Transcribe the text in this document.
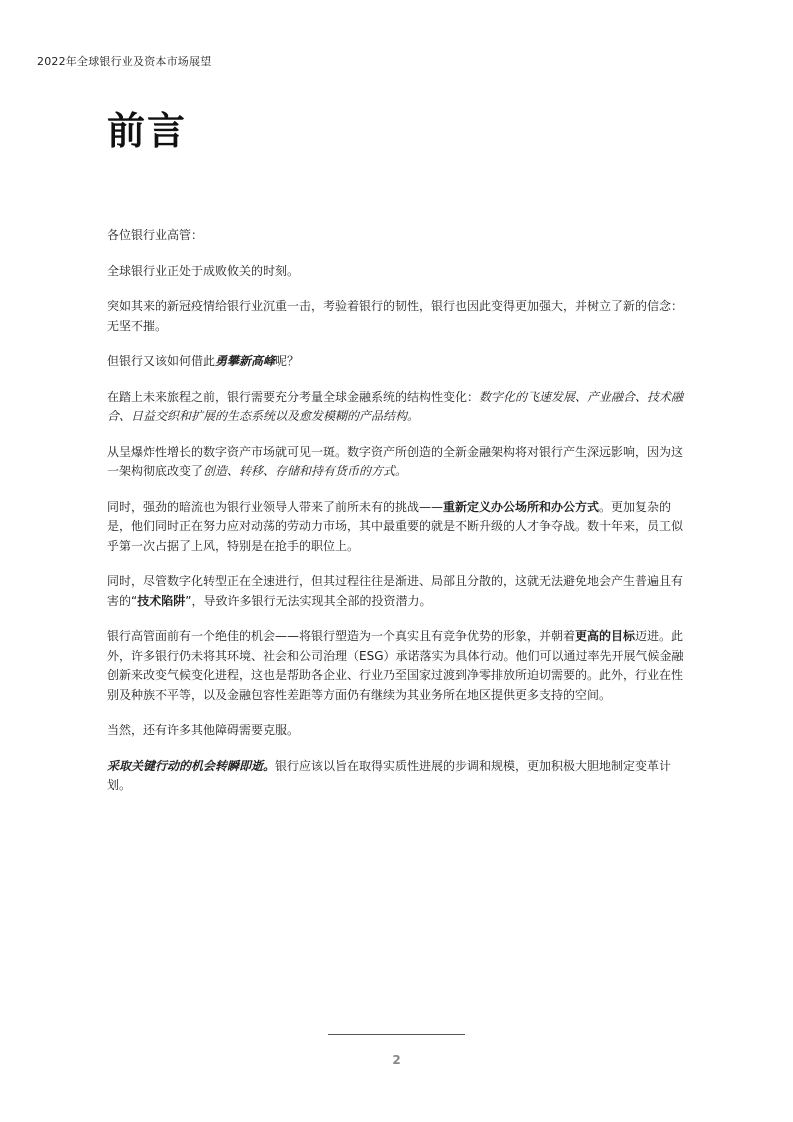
2022年全球银行业及资本市场展望
前言

各位银行业高管：

全球银行业正处于成败攸关的时刻。

突如其来的新冠疫情给银行业沉重一击，考验着银行的韧性，银行也因此变得更加强大，并树立了新的信念：无坚不摧。

但银行又该如何借此勇攀新高峰呢？

在踏上未来旅程之前，银行需要充分考量全球金融系统的结构性变化：数字化的飞速发展、产业融合、技术融合、日益交织和扩展的生态系统以及愈发模糊的产品结构。

从呈爆炸性增长的数字资产市场就可见一斑。数字资产所创造的全新金融架构将对银行产生深远影响，因为这一架构彻底改变了创造、转移、存储和持有货币的方式。

同时，强劲的暗流也为银行业领导人带来了前所未有的挑战——重新定义办公场所和办公方式。更加复杂的是，他们同时正在努力应对动荡的劳动力市场，其中最重要的就是不断升级的人才争夺战。数十年来，员工似乎第一次占据了上风，特别是在抢手的职位上。

同时，尽管数字化转型正在全速进行，但其过程往往是渐进、局部且分散的，这就无法避免地会产生普遍且有害的“技术陷阱”，导致许多银行无法实现其全部的投资潜力。

银行高管面前有一个绝佳的机会——将银行塑造为一个真实且有竞争优势的形象，并朝着更高的目标迈进。此外，许多银行仍未将其环境、社会和公司治理（ESG）承诺落实为具体行动。他们可以通过率先开展气候金融创新来改变气候变化进程，这也是帮助各企业、行业乃至国家过渡到净零排放所迫切需要的。此外，行业在性别及种族不平等，以及金融包容性差距等方面仍有继续为其业务所在地区提供更多支持的空间。

当然，还有许多其他障碍需要克服。

采取关键行动的机会转瞬即逝。银行应该以旨在取得实质性进展的步调和规模，更加积极大胆地制定变革计划。

2
